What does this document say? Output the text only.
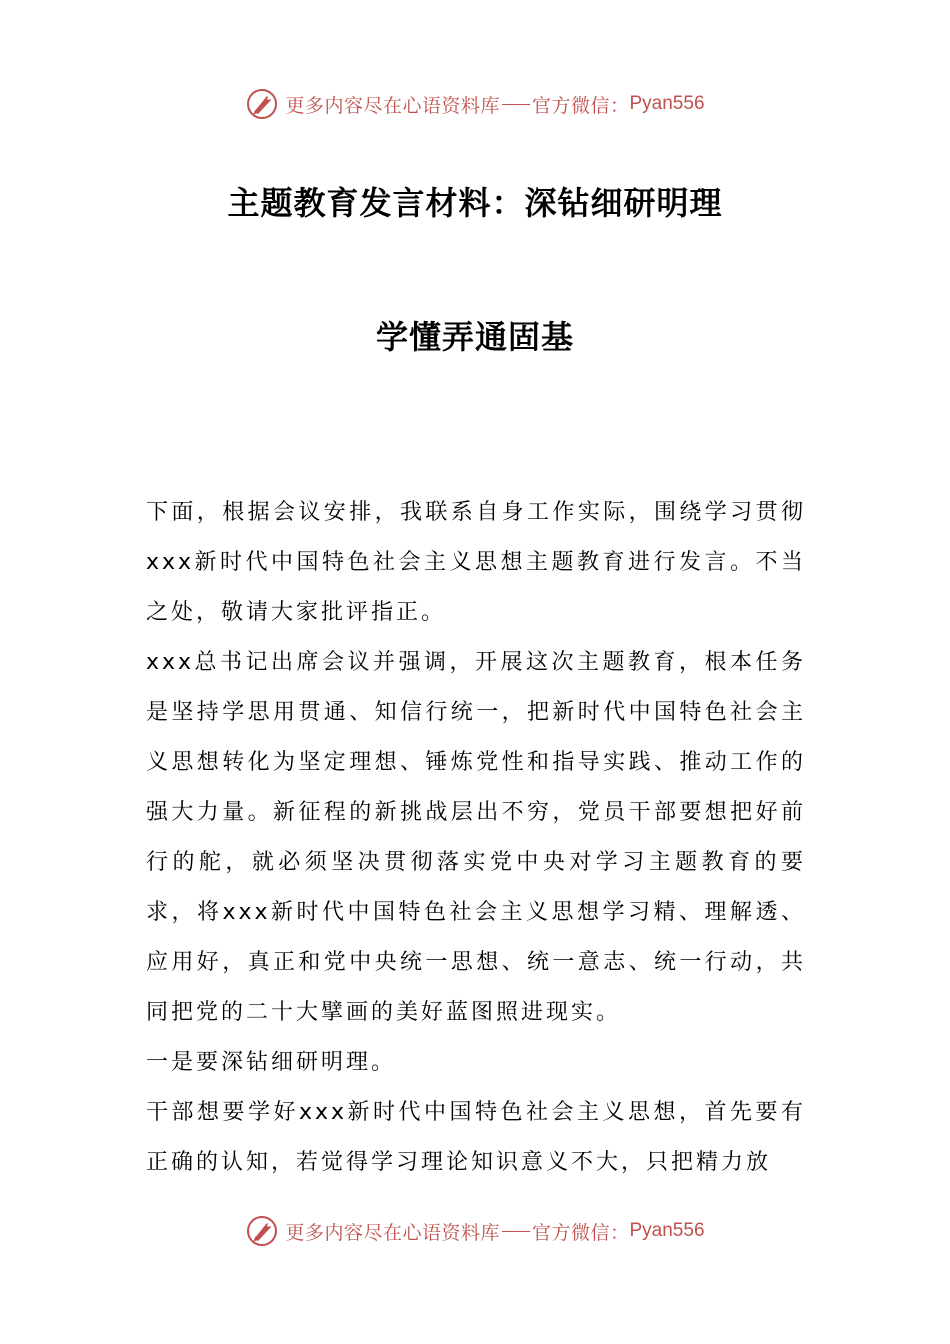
更多内容尽在心语资料库 官方微信： Pyan556
主题教育发言材料：深钻细研明理
学懂弄通固基

下面，根据会议安排，我联系自身工作实际，围绕学习贯彻xxx新时代中国特色社会主义思想主题教育进行发言。不当之处，敬请大家批评指正。

xxx总书记出席会议并强调，开展这次主题教育，根本任务是坚持学思用贯通、知信行统一，把新时代中国特色社会主义思想转化为坚定理想、锤炼党性和指导实践、推动工作的强大力量。新征程的新挑战层出不穷，党员干部要想把好前行的舵，就必须坚决贯彻落实党中央对学习主题教育的要求，将xxx新时代中国特色社会主义思想学习精、理解透、应用好，真正和党中央统一思想、统一意志、统一行动，共同把党的二十大擘画的美好蓝图照进现实。

一是要深钻细研明理。

干部想要学好xxx新时代中国特色社会主义思想，首先要有正确的认知，若觉得学习理论知识意义不大，只把精力放

更多内容尽在心语资料库 官方微信： Pyan556
